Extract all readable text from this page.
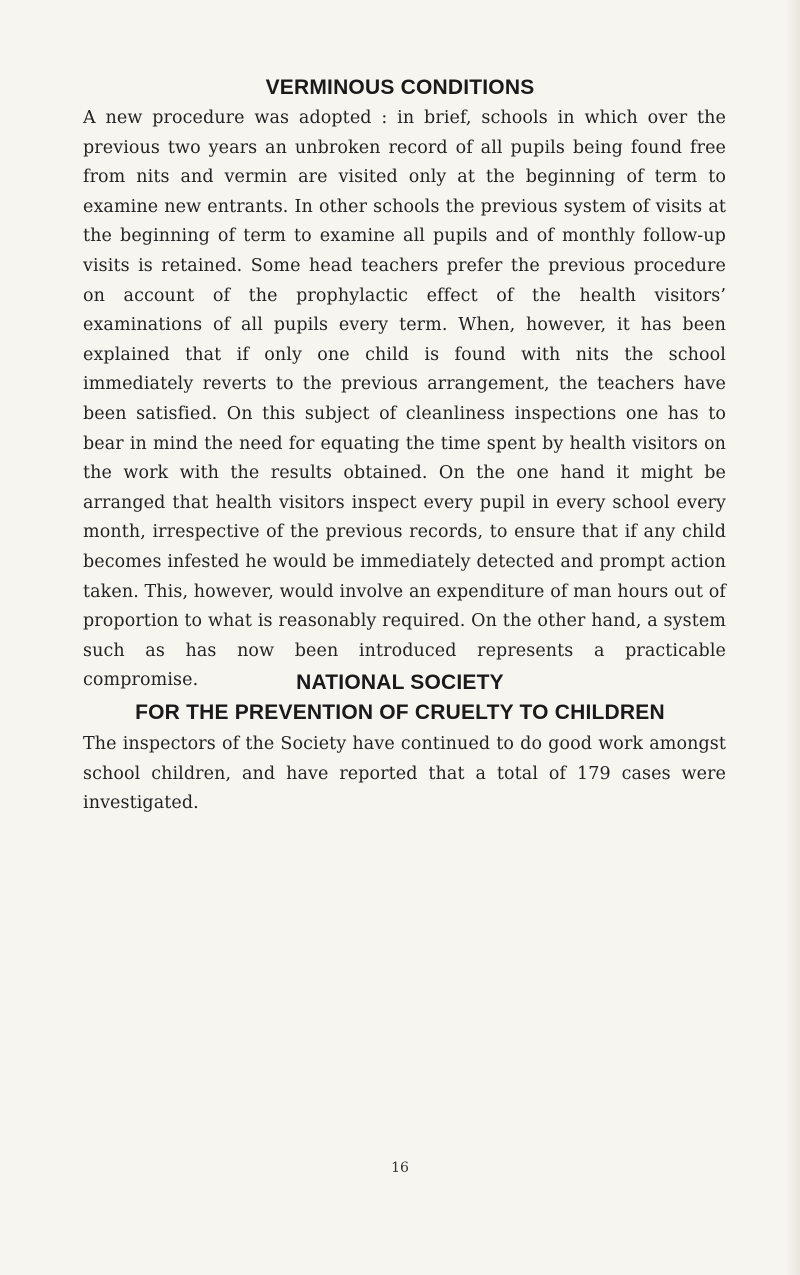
VERMINOUS CONDITIONS

A new procedure was adopted : in brief, schools in which over the previous two years an unbroken record of all pupils being found free from nits and vermin are visited only at the beginning of term to examine new entrants. In other schools the previous system of visits at the beginning of term to examine all pupils and of monthly follow-up visits is retained. Some head teachers prefer the previous procedure on account of the prophylactic effect of the health visitors’ examinations of all pupils every term. When, however, it has been explained that if only one child is found with nits the school immediately reverts to the previous arrangement, the teachers have been satisfied. On this subject of cleanliness inspections one has to bear in mind the need for equating the time spent by health visitors on the work with the results obtained. On the one hand it might be arranged that health visitors inspect every pupil in every school every month, irrespective of the previous records, to ensure that if any child becomes infested he would be immediately detected and prompt action taken. This, however, would involve an expenditure of man hours out of proportion to what is reasonably required. On the other hand, a system such as has now been introduced represents a practicable compromise.	NATIONAL SOCIETY
FOR THE PREVENTION OF CRUELTY TO CHILDREN

The inspectors of the Society have continued to do good work amongst school children, and have reported that a total of 179 cases were investigated.

16
